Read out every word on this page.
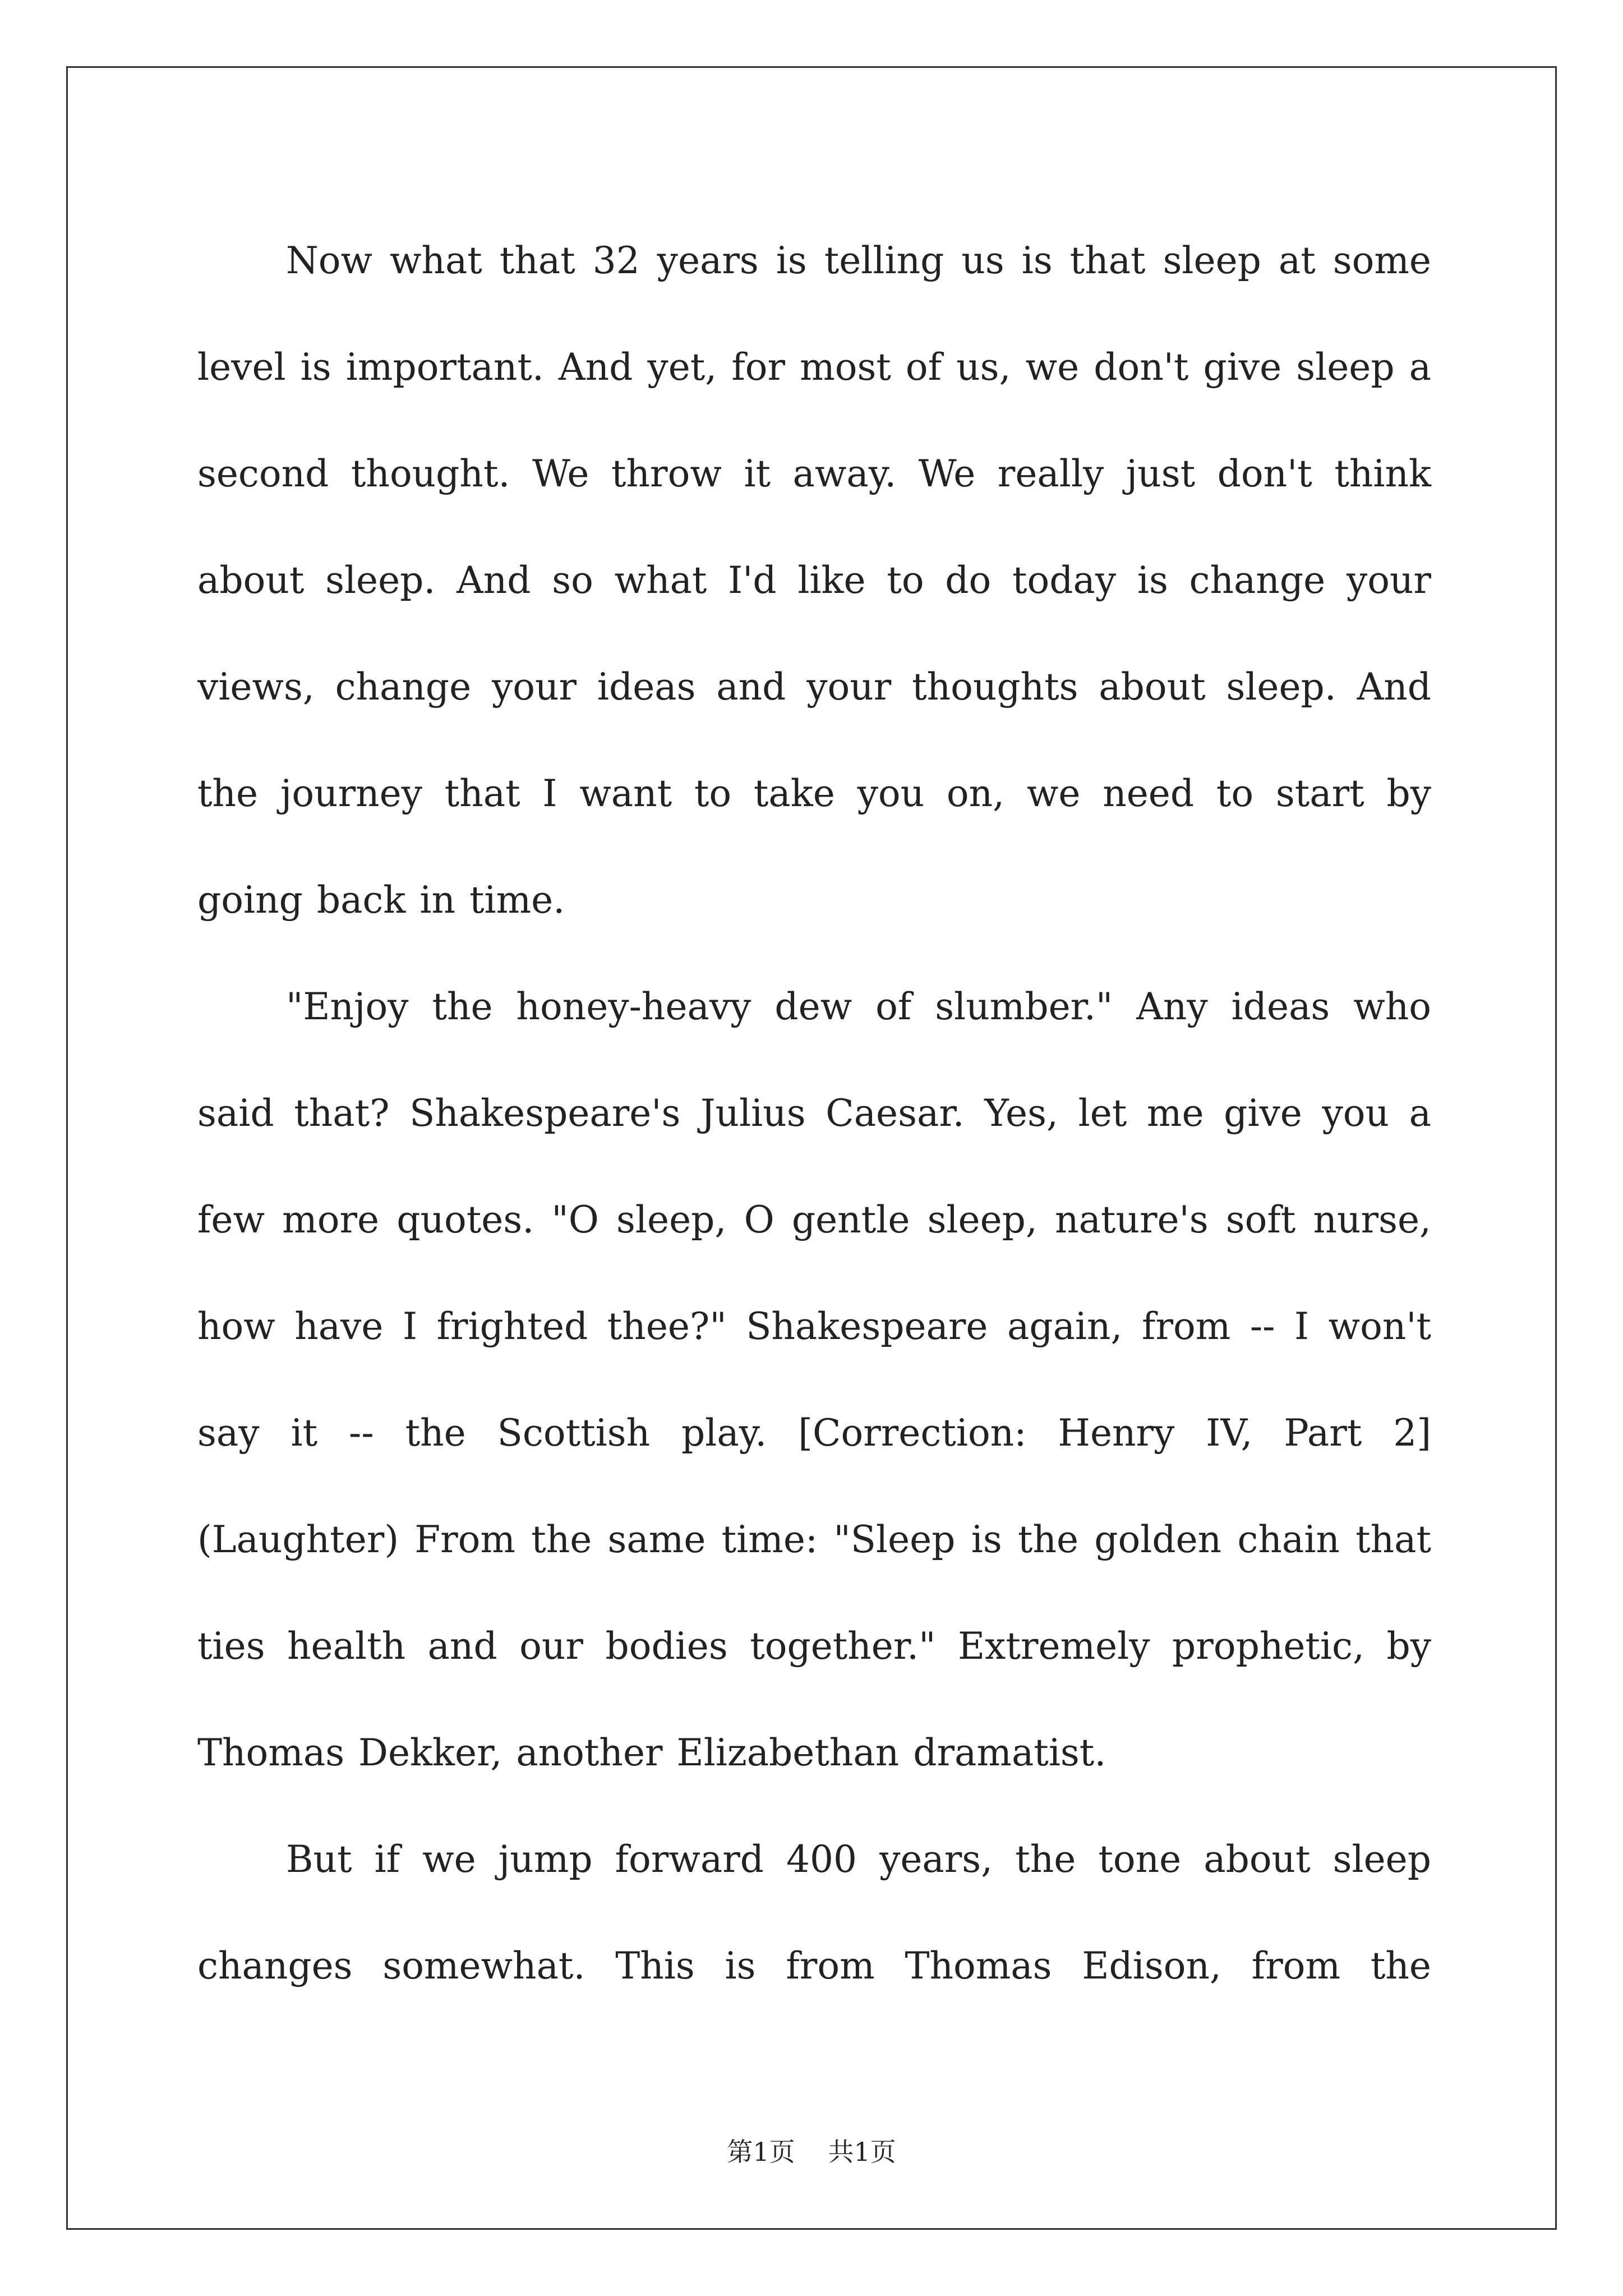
Now what that 32 years is telling us is that sleep at some level is important. And yet, for most of us, we don't give sleep a second thought. We throw it away. We really just don't think about sleep. And so what I'd like to do today is change your views, change your ideas and your thoughts about sleep. And the journey that I want to take you on, we need to start by going back in time.

"Enjoy the honey-heavy dew of slumber." Any ideas who said that? Shakespeare's Julius Caesar. Yes, let me give you a few more quotes. "O sleep, O gentle sleep, nature's soft nurse, how have I frighted thee?" Shakespeare again, from -- I won't say it -- the Scottish play. [Correction: Henry IV, Part 2] (Laughter) From the same time: "Sleep is the golden chain that ties health and our bodies together." Extremely prophetic, by Thomas Dekker, another Elizabethan dramatist.

But if we jump forward 400 years, the tone about sleep changes somewhat. This is from Thomas Edison, from the

第1页 共1页
